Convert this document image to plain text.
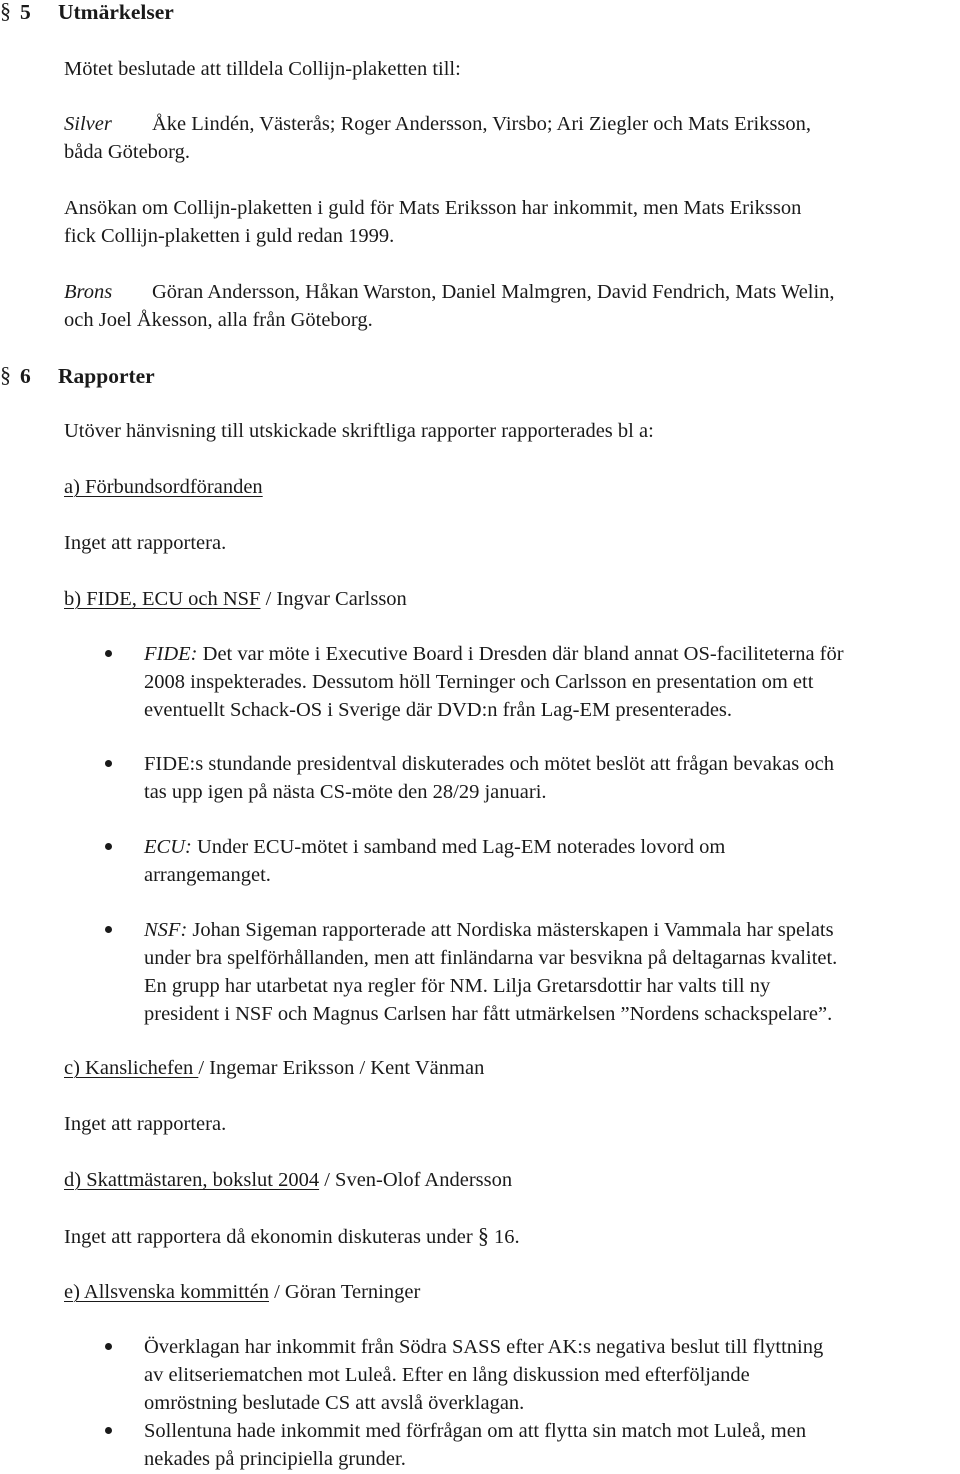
§ 5 Utmärkelser
Mötet beslutade att tilldela Collijn-plaketten till:
Silver Åke Lindén, Västerås; Roger Andersson, Virsbo; Ari Ziegler och Mats Eriksson,
båda Göteborg.
Ansökan om Collijn-plaketten i guld för Mats Eriksson har inkommit, men Mats Eriksson
fick Collijn-plaketten i guld redan 1999.
Brons Göran Andersson, Håkan Warston, Daniel Malmgren, David Fendrich, Mats Welin,
och Joel Åkesson, alla från Göteborg.
§ 6 Rapporter
Utöver hänvisning till utskickade skriftliga rapporter rapporterades bl a:
a) Förbundsordföranden
Inget att rapportera.
b) FIDE, ECU och NSF / Ingvar Carlsson
FIDE: Det var möte i Executive Board i Dresden där bland annat OS-faciliteterna för
2008 inspekterades. Dessutom höll Terninger och Carlsson en presentation om ett
eventuellt Schack-OS i Sverige där DVD:n från Lag-EM presenterades.
FIDE:s stundande presidentval diskuterades och mötet beslöt att frågan bevakas och
tas upp igen på nästa CS-möte den 28/29 januari.
ECU: Under ECU-mötet i samband med Lag-EM noterades lovord om
arrangemanget.
NSF: Johan Sigeman rapporterade att Nordiska mästerskapen i Vammala har spelats
under bra spelförhållanden, men att finländarna var besvikna på deltagarnas kvalitet.
En grupp har utarbetat nya regler för NM. Lilja Gretarsdottir har valts till ny
president i NSF och Magnus Carlsen har fått utmärkelsen ”Nordens schackspelare”.
c) Kanslichefen / Ingemar Eriksson / Kent Vänman
Inget att rapportera.
d) Skattmästaren, bokslut 2004 / Sven-Olof Andersson
Inget att rapportera då ekonomin diskuteras under § 16.
e) Allsvenska kommittén / Göran Terninger
Överklagan har inkommit från Södra SASS efter AK:s negativa beslut till flyttning
av elitseriematchen mot Luleå. Efter en lång diskussion med efterföljande
omröstning beslutade CS att avslå överklagan.
Sollentuna hade inkommit med förfrågan om att flytta sin match mot Luleå, men
nekades på principiella grunder.
